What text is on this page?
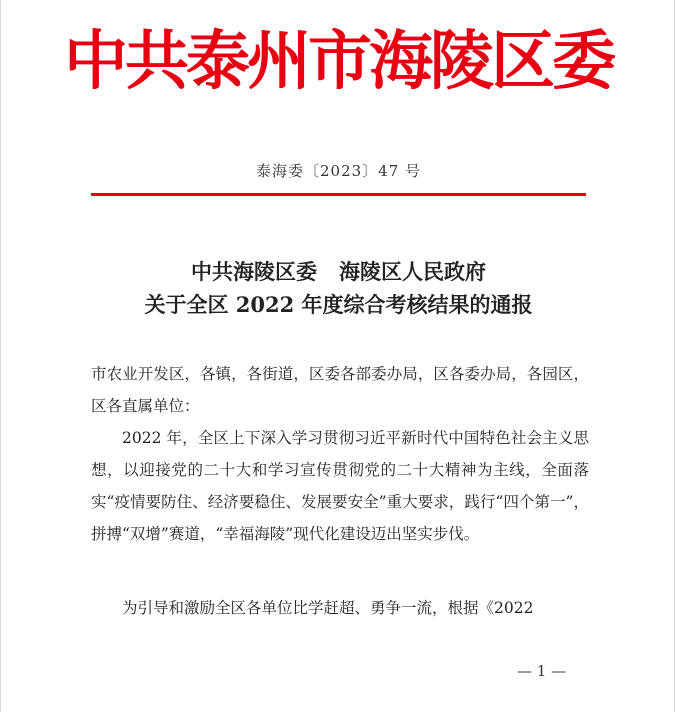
中共泰州市海陵区委
泰海委〔2023〕47 号
中共海陵区委 海陵区人民政府
关于全区 2022 年度综合考核结果的通报
市农业开发区，各镇，各街道，区委各部委办局，区各委办局，各园区，区各直属单位：
2022 年，全区上下深入学习贯彻习近平新时代中国特色社会主义思想，以迎接党的二十大和学习宣传贯彻党的二十大精神为主线，全面落实“疫情要防住、经济要稳住、发展要安全”重大要求，践行“四个第一”，拼搏“双增”赛道，“幸福海陵”现代化建设迈出坚实步伐。
为引导和激励全区各单位比学赶超、勇争一流，根据《2022
— 1 —
